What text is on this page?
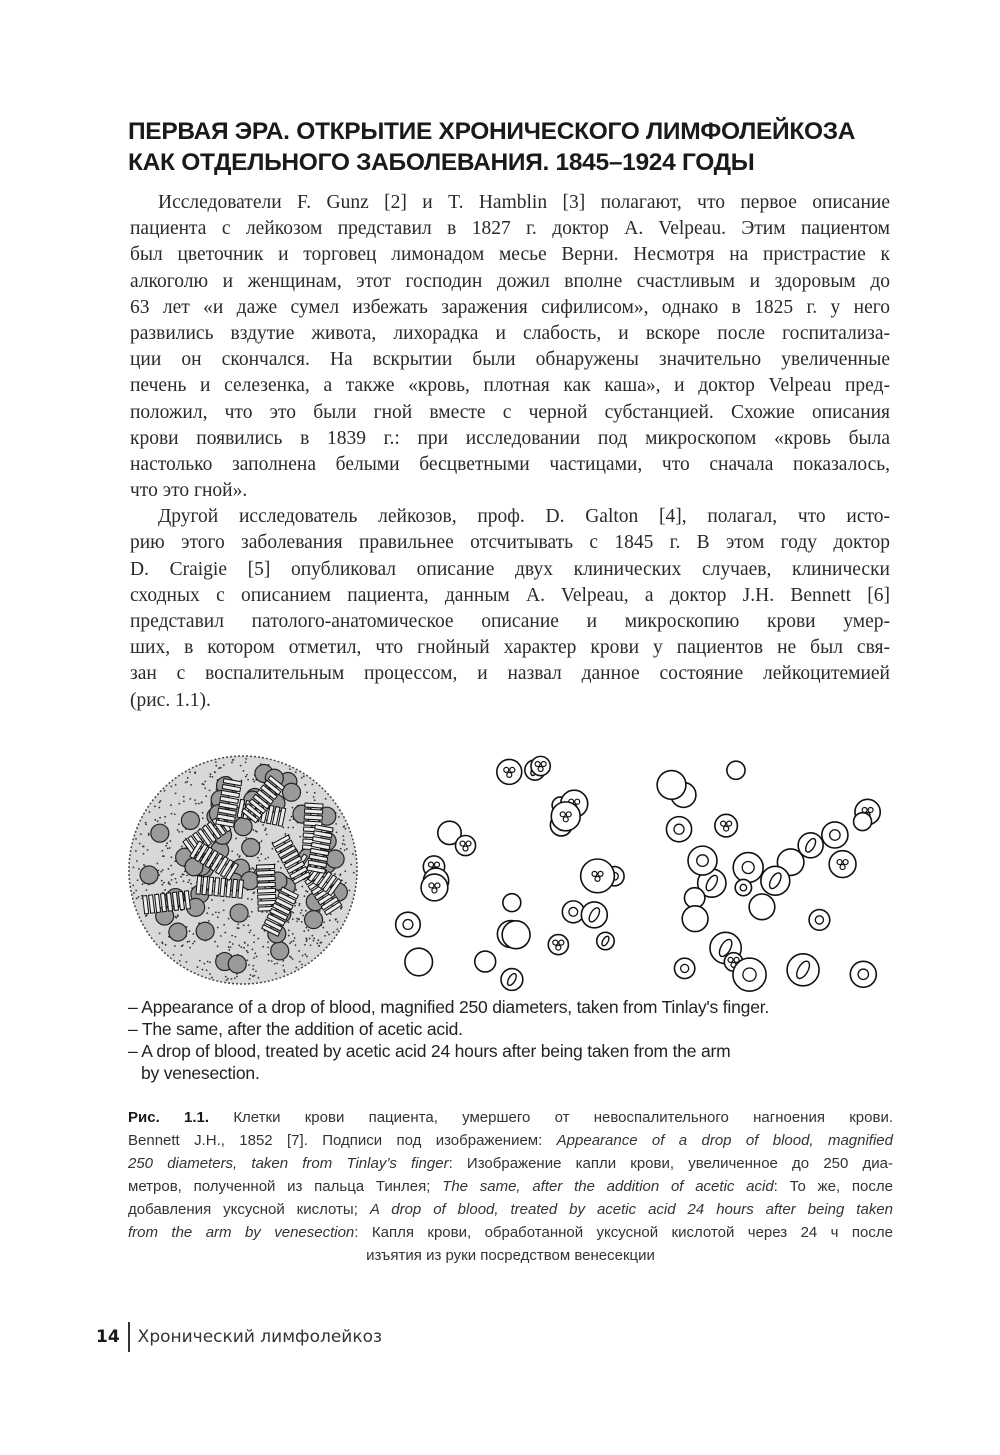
ПЕРВАЯ ЭРА. ОТКРЫТИЕ ХРОНИЧЕСКОГО ЛИМФОЛЕЙКОЗА
КАК ОТДЕЛЬНОГО ЗАБОЛЕВАНИЯ. 1845–1924 ГОДЫ
Исследователи F. Gunz [2] и T. Hamblin [3] полагают, что первое описание
пациента с лейкозом представил в 1827 г. доктор A. Velpeau. Этим пациентом
был цветочник и торговец лимонадом месье Верни. Несмотря на пристрастие к
алкоголю и женщинам, этот господин дожил вполне счастливым и здоровым до
63 лет «и даже сумел избежать заражения сифилисом», однако в 1825 г. у него
развились вздутие живота, лихорадка и слабость, и вскоре после госпитализа-
ции он скончался. На вскрытии были обнаружены значительно увеличенные
печень и селезенка, а также «кровь, плотная как каша», и доктор Velpeau пред-
положил, что это были гной вместе с черной субстанцией. Схожие описания
крови появились в 1839 г.: при исследовании под микроскопом «кровь была
настолько заполнена белыми бесцветными частицами, что сначала показалось,
что это гной».
Другой исследователь лейкозов, проф. D. Galton [4], полагал, что исто-
рию этого заболевания правильнее отсчитывать с 1845 г. В этом году доктор
D. Craigie [5] опубликовал описание двух клинических случаев, клинически
сходных с описанием пациента, данным A. Velpeau, а доктор J.H. Bennett [6]
представил патолого-анатомическое описание и микроскопию крови умер-
ших, в котором отметил, что гнойный характер крови у пациентов не был свя-
зан с воспалительным процессом, и назвал данное состояние лейкоцитемией
(рис. 1.1).
– Appearance of a drop of blood, magnified 250 diameters, taken from Tinlay's finger.
– The same, after the addition of acetic acid.
– A drop of blood, treated by acetic acid 24 hours after being taken from the arm
by venesection.
Рис. 1.1. Клетки крови пациента, умершего от невоспалительного нагноения крови.
Bennett J.H., 1852 [7]. Подписи под изображением: Appearance of a drop of blood, magnified
250 diameters, taken from Tinlay’s finger: Изображение капли крови, увеличенное до 250 диа-
метров, полученной из пальца Тинлея; The same, after the addition of acetic acid: То же, после
добавления уксусной кислоты; A drop of blood, treated by acetic acid 24 hours after being taken
from the arm by venesection: Капля крови, обработанной уксусной кислотой через 24 ч после
изъятия из руки посредством венесекции
14 Хронический лимфолейкоз
